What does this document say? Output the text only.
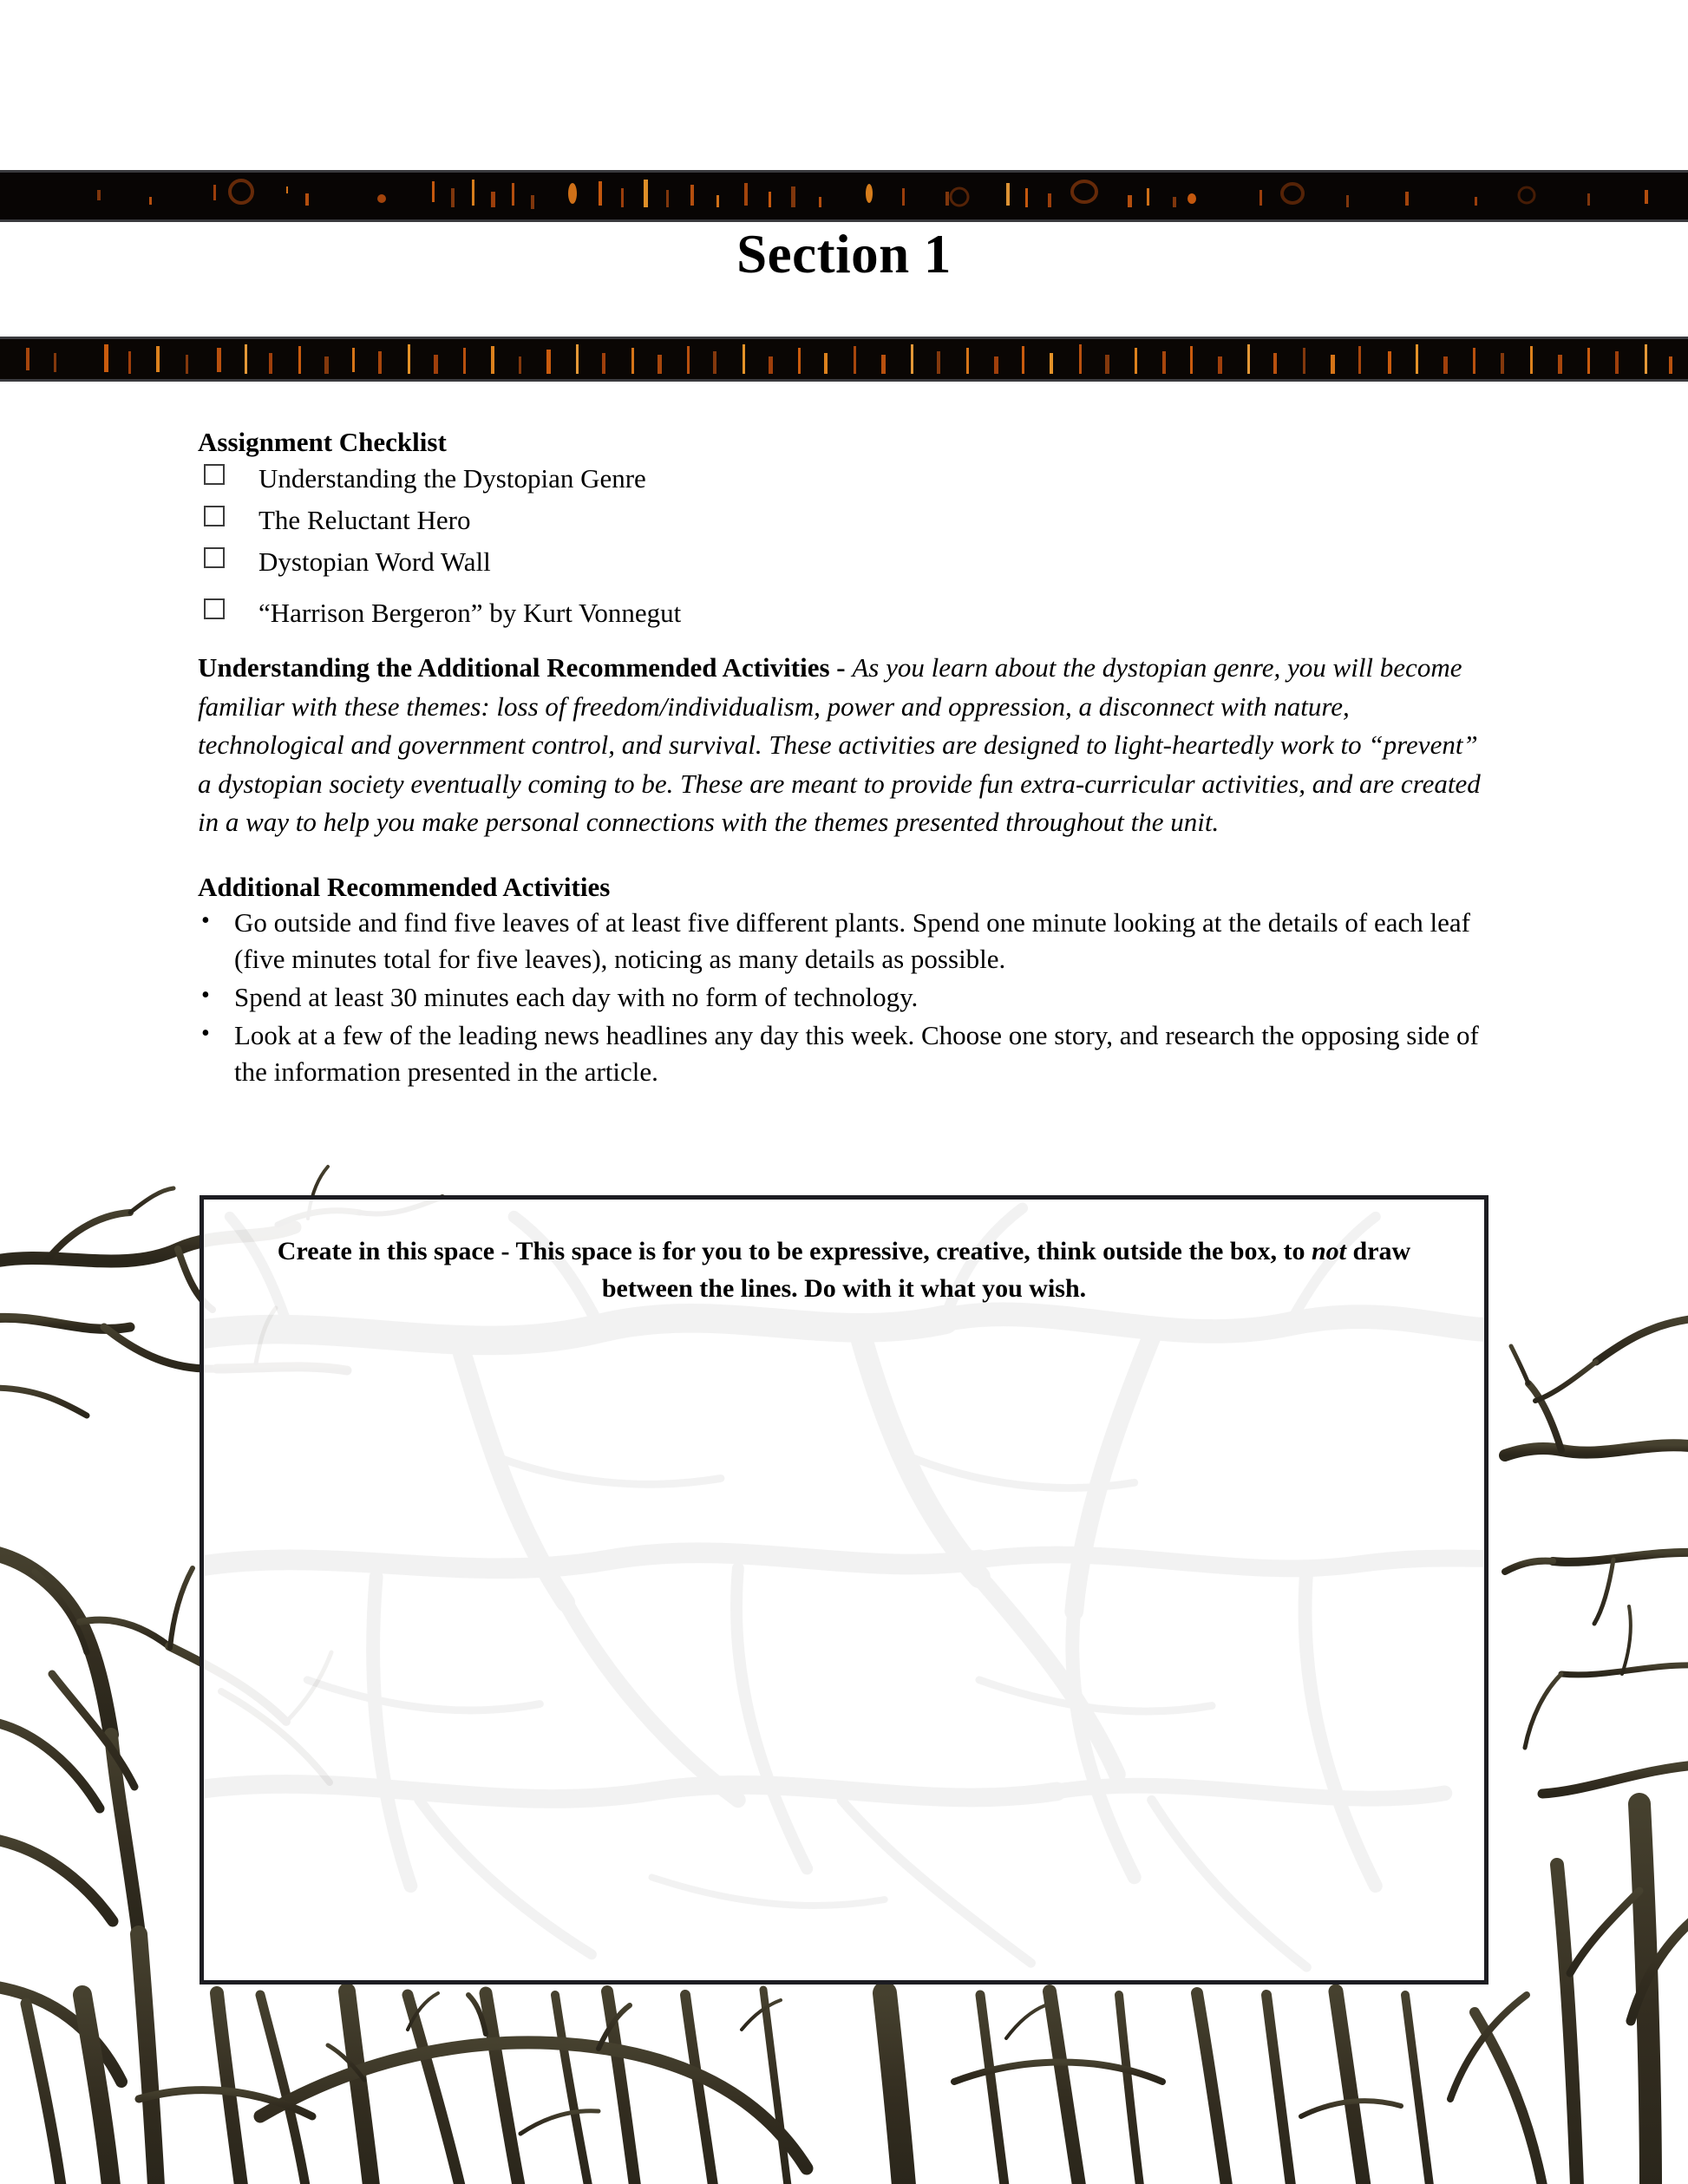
Section 1
Assignment Checklist
Understanding the Dystopian Genre
The Reluctant Hero
Dystopian Word Wall
“Harrison Bergeron” by Kurt Vonnegut

Understanding the Additional Recommended Activities - As you learn about the dystopian genre, you will become familiar with these themes: loss of freedom/individualism, power and oppression, a disconnect with nature, technological and government control, and survival. These activities are designed to light-heartedly work to “prevent” a dystopian society eventually coming to be. These are meant to provide fun extra-curricular activities, and are created in a way to help you make personal connections with the themes presented throughout the unit.

Additional Recommended Activities
• Go outside and find five leaves of at least five different plants. Spend one minute looking at the details of each leaf (five minutes total for five leaves), noticing as many details as possible.
• Spend at least 30 minutes each day with no form of technology.
• Look at a few of the leading news headlines any day this week. Choose one story, and research the opposing side of the information presented in the article.
Create in this space - This space is for you to be expressive, creative, think outside the box, to not draw between the lines. Do with it what you wish.
